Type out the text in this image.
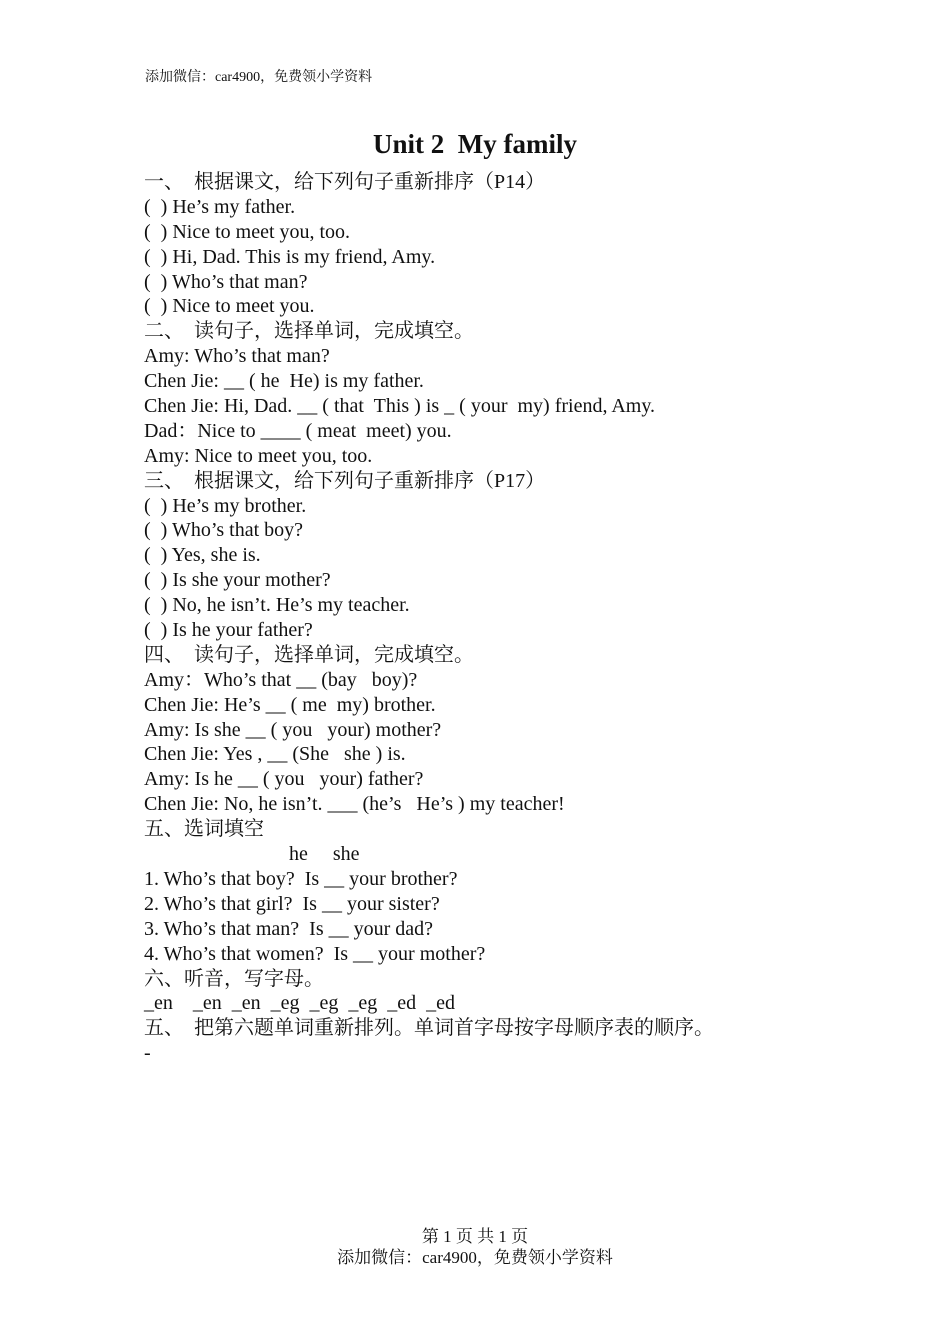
添加微信：car4900，免费领小学资料
Unit 2  My family
一、  根据课文，给下列句子重新排序（P14）
(  ) He’s my father.
(  ) Nice to meet you, too.
(  ) Hi, Dad. This is my friend, Amy.
(  ) Who’s that man?
(  ) Nice to meet you.
二、  读句子，选择单词，完成填空。
Amy: Who’s that man?
Chen Jie: __ ( he  He) is my father.
Chen Jie: Hi, Dad. __ ( that  This ) is _ ( your  my) friend, Amy.
Dad：Nice to ____ ( meat  meet) you.
Amy: Nice to meet you, too.
三、  根据课文，给下列句子重新排序（P17）
(  ) He’s my brother.
(  ) Who’s that boy?
(  ) Yes, she is.
(  ) Is she your mother?
(  ) No, he isn’t. He’s my teacher.
(  ) Is he your father?
四、  读句子，选择单词，完成填空。
Amy：Who’s that __ (bay   boy)?
Chen Jie: He’s __ ( me  my) brother.
Amy: Is she __ ( you   your) mother?
Chen Jie: Yes , __ (She   she ) is.
Amy: Is he __ ( you   your) father?
Chen Jie: No, he isn’t. ___ (he’s   He’s ) my teacher!
五、选词填空
he     she
1. Who’s that boy?  Is __ your brother?
2. Who’s that girl?  Is __ your sister?
3. Who’s that man?  Is __ your dad?
4. Who’s that women?  Is __ your mother?
六、听音，写字母。
_en    _en  _en  _eg  _eg  _eg  _ed  _ed
五、  把第六题单词重新排列。单词首字母按字母顺序表的顺序。
-
第 1 页 共 1 页
添加微信：car4900，免费领小学资料
